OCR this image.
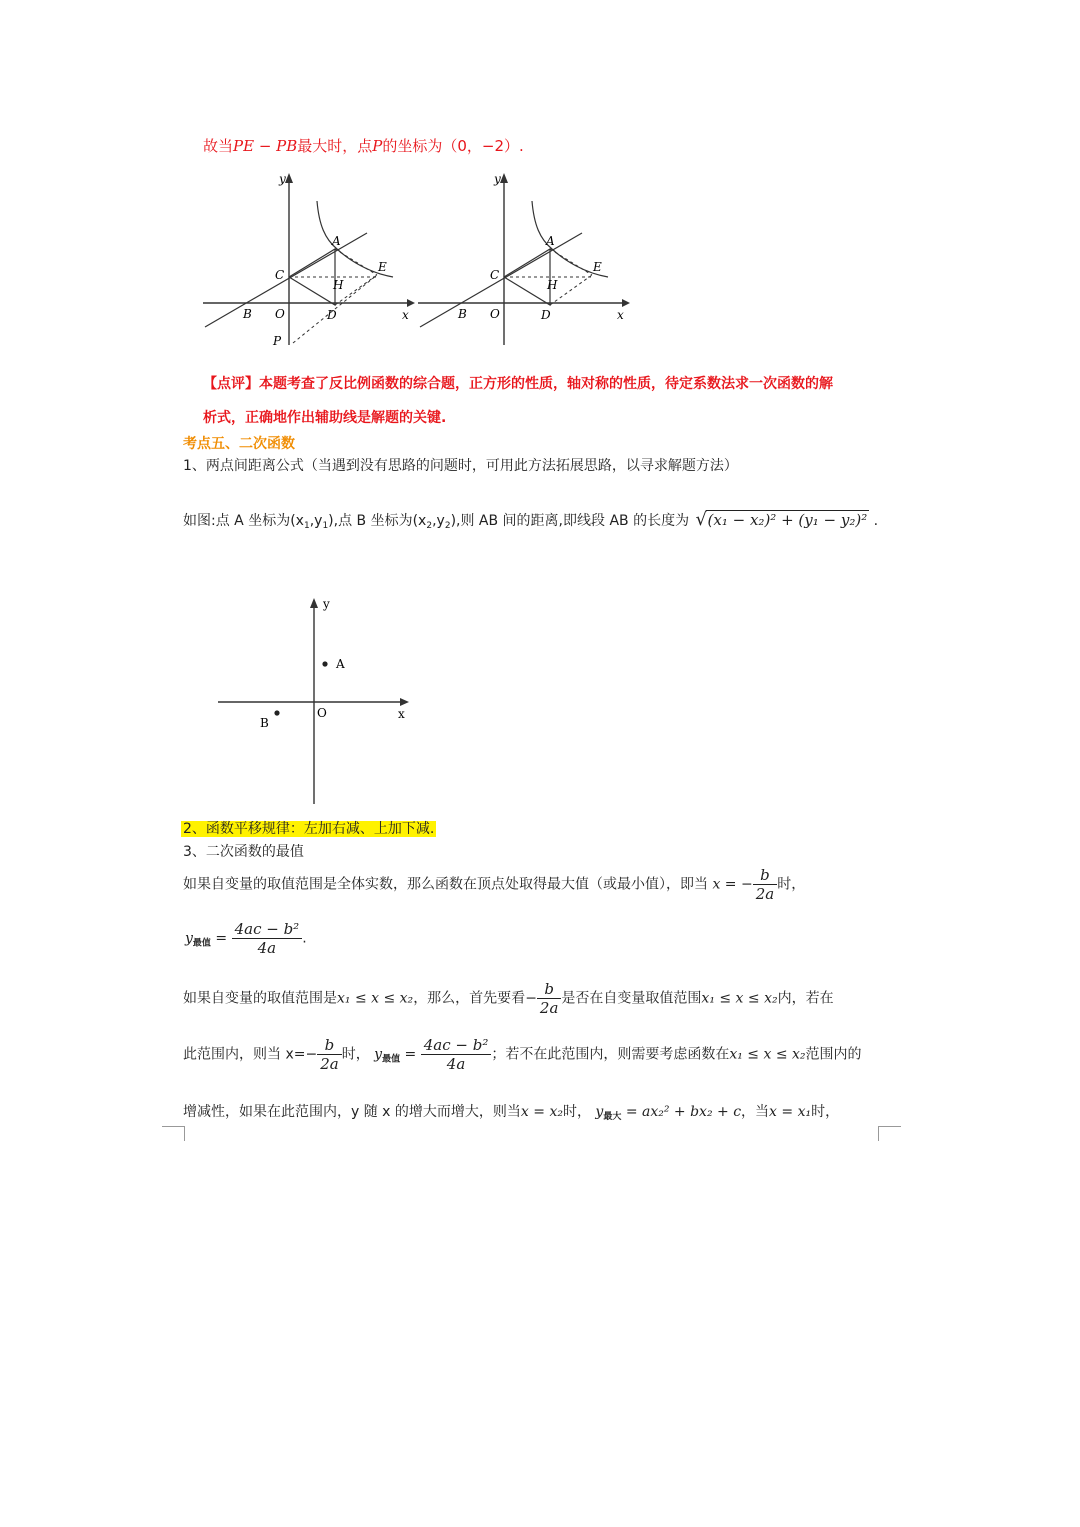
故当PE − PB最大时，点P的坐标为（0，−2）.
y
x
A
B
C
D
E
H
O
P
y
x
A
B
C
D
E
H
O
【点评】本题考查了反比例函数的综合题，正方形的性质，轴对称的性质，待定系数法求一次函数的解
析式，正确地作出辅助线是解题的关键.
考点五、二次函数
1、两点间距离公式（当遇到没有思路的问题时，可用此方法拓展思路，以寻求解题方法）
如图:点 A 坐标为$(x_1,y_1)$,点 B 坐标为$(x_2,y_2)$,则 AB 间的距离,即线段 AB 的长度为 √ (x₁ − x₂)² + (y₁ − y₂)² .
y
x
A
B
O
2、函数平移规律：左加右减、上加下减.
3、二次函数的最值
如果自变量的取值范围是全体实数，那么函数在顶点处取得最大值（或最小值），即当 x = − $\frac{b}{2a}$ 时，
$y_{最值} = \frac{\text{4ac − b²}}{4a}$ .
如果自变量的取值范围是x₁ ≤ x ≤ x₂，那么，首先要看− $\frac{b}{2a}$ 是否在自变量取值范围x₁ ≤ x ≤ x₂内，若在
此范围内，则当 $x=- \frac{b}{2a}$ 时， $y_{最值} = \frac{\text{4ac − b²}}{4a}$ ；若不在此范围内，则需要考虑函数在x₁ ≤ x ≤ x₂范围内的
增减性，如果在此范围内，y 随 x 的增大而增大，则当x = x₂时， $y_{最大} = ax_2^2 + bx_2 + c$，当x = x₁时，
